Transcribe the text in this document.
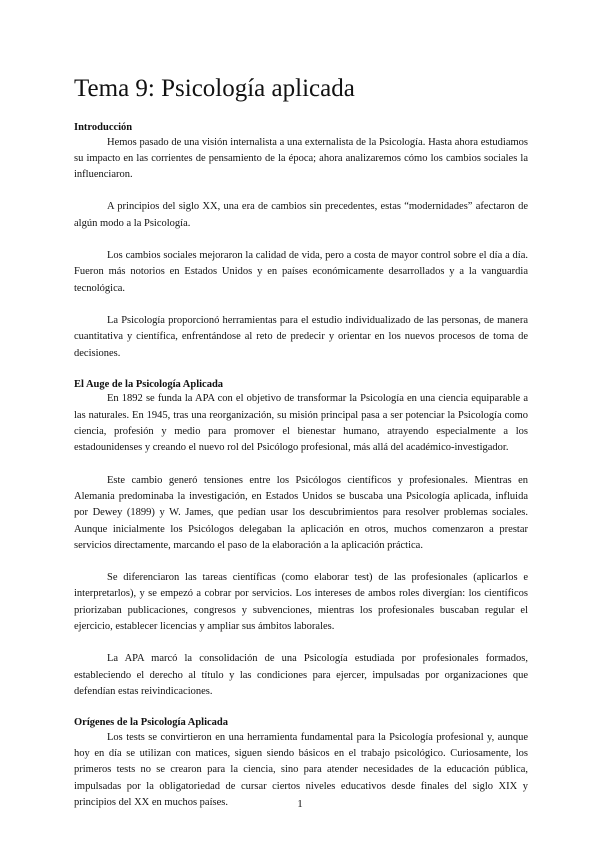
Tema 9: Psicología aplicada
Introducción

Hemos pasado de una visión internalista a una externalista de la Psicología. Hasta ahora estudiamos su impacto en las corrientes de pensamiento de la época; ahora analizaremos cómo los cambios sociales la influenciaron.

A principios del siglo XX, una era de cambios sin precedentes, estas “modernidades” afectaron de algún modo a la Psicología.

Los cambios sociales mejoraron la calidad de vida, pero a costa de mayor control sobre el día a día. Fueron más notorios en Estados Unidos y en países económicamente desarrollados y a la vanguardia tecnológica.

La Psicología proporcionó herramientas para el estudio individualizado de las personas, de manera cuantitativa y científica, enfrentándose al reto de predecir y orientar en los nuevos procesos de toma de decisiones.

El Auge de la Psicología Aplicada

En 1892 se funda la APA con el objetivo de transformar la Psicología en una ciencia equiparable a las naturales. En 1945, tras una reorganización, su misión principal pasa a ser potenciar la Psicología como ciencia, profesión y medio para promover el bienestar humano, atrayendo especialmente a los estadounidenses y creando el nuevo rol del Psicólogo profesional, más allá del académico-investigador.

Este cambio generó tensiones entre los Psicólogos científicos y profesionales. Mientras en Alemania predominaba la investigación, en Estados Unidos se buscaba una Psicología aplicada, influida por Dewey (1899) y W. James, que pedían usar los descubrimientos para resolver problemas sociales. Aunque inicialmente los Psicólogos delegaban la aplicación en otros, muchos comenzaron a prestar servicios directamente, marcando el paso de la elaboración a la aplicación práctica.

Se diferenciaron las tareas científicas (como elaborar test) de las profesionales (aplicarlos e interpretarlos), y se empezó a cobrar por servicios. Los intereses de ambos roles divergían: los científicos priorizaban publicaciones, congresos y subvenciones, mientras los profesionales buscaban regular el ejercicio, establecer licencias y ampliar sus ámbitos laborales.

La APA marcó la consolidación de una Psicología estudiada por profesionales formados, estableciendo el derecho al título y las condiciones para ejercer, impulsadas por organizaciones que defendían estas reivindicaciones.

Orígenes de la Psicología Aplicada

Los tests se convirtieron en una herramienta fundamental para la Psicología profesional y, aunque hoy en día se utilizan con matices, siguen siendo básicos en el trabajo psicológico. Curiosamente, los primeros tests no se crearon para la ciencia, sino para atender necesidades de la educación pública, impulsadas por la obligatoriedad de cursar ciertos niveles educativos desde finales del siglo XIX y principios del XX en muchos países.	1
